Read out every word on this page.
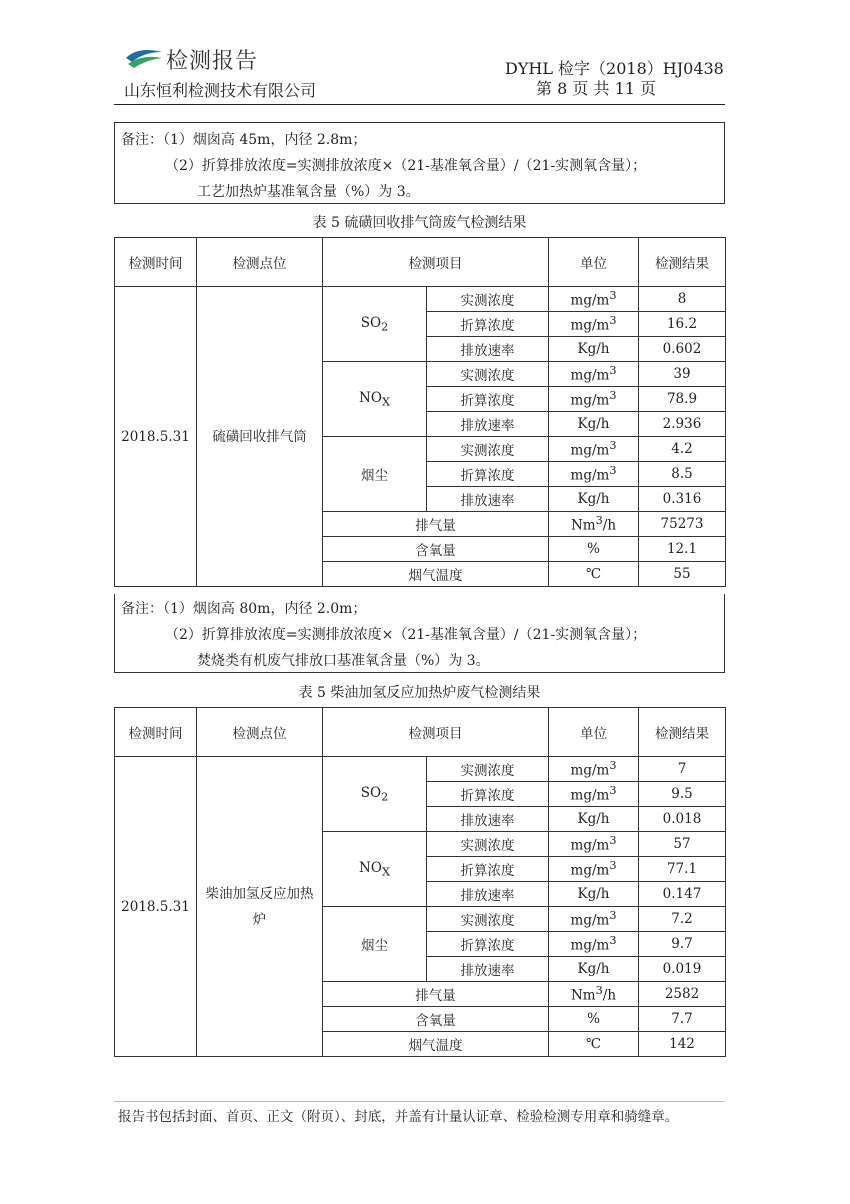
检测报告
山东恒利检测技术有限公司
DYHL 检字（2018）HJ0438
第 8 页 共 11 页
备注：（1）烟囱高 45m，内径 2.8m；
（2）折算排放浓度=实测排放浓度×（21-基准氧含量）/（21-实测氧含量）；
工艺加热炉基准氧含量（%）为 3。
表 5 硫磺回收排气筒废气检测结果
检测时间	检测点位	检测项目		单位	检测结果
2018.5.31	硫磺回收排气筒	$SO_2$	实测浓度	$mg/m^3$	8
			折算浓度	$mg/m^3$	16.2
			排放速率	Kg/h	0.602
		$NO_X$	实测浓度	$mg/m^3$	39
			折算浓度	$mg/m^3$	78.9
			排放速率	Kg/h	2.936
		烟尘	实测浓度	$mg/m^3$	4.2
			折算浓度	$mg/m^3$	8.5
			排放速率	Kg/h	0.316
		排气量		Nm$^3$/h	75273
		含氧量		%	12.1
		烟气温度		℃	55
备注：（1）烟囱高 80m，内径 2.0m；
（2）折算排放浓度=实测排放浓度×（21-基准氧含量）/（21-实测氧含量）；
焚烧类有机废气排放口基准氧含量（%）为 3。
表 5 柴油加氢反应加热炉废气检测结果
检测时间	检测点位	检测项目		单位	检测结果
2018.5.31	柴油加氢反应加热炉	$SO_2$	实测浓度	$mg/m^3$	7
			折算浓度	$mg/m^3$	9.5
			排放速率	Kg/h	0.018
		$NO_X$	实测浓度	$mg/m^3$	57
			折算浓度	$mg/m^3$	77.1
			排放速率	Kg/h	0.147
		烟尘	实测浓度	$mg/m^3$	7.2
			折算浓度	$mg/m^3$	9.7
			排放速率	Kg/h	0.019
		排气量		Nm$^3$/h	2582
		含氧量		%	7.7
		烟气温度		℃	142
报告书包括封面、首页、正文（附页）、封底，并盖有计量认证章、检验检测专用章和骑缝章。
